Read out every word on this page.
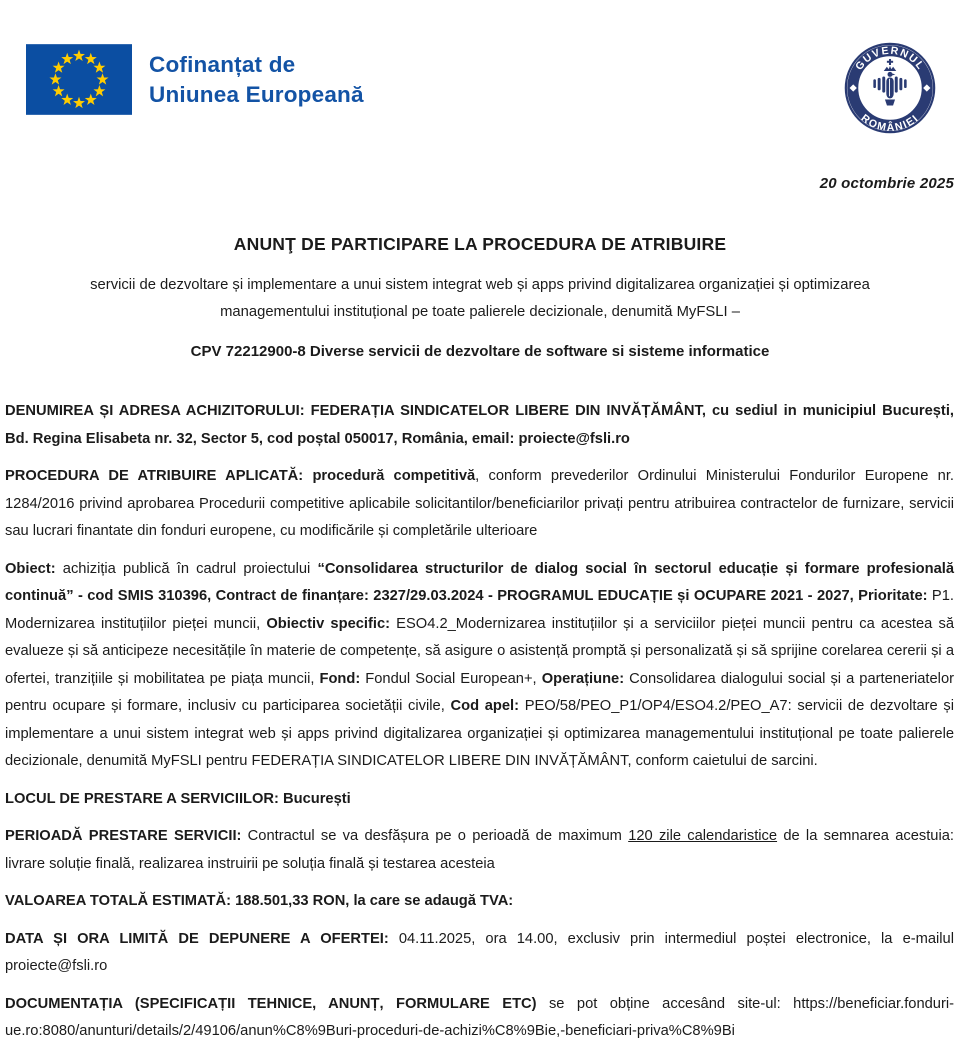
Cofinanțat de
Uniunea Europeană
GUVERNUL
ROMÂNIEI
20 octombrie 2025
ANUNŢ DE PARTICIPARE LA PROCEDURA DE ATRIBUIRE

servicii de dezvoltare și implementare a unui sistem integrat web și apps privind digitalizarea organizației și optimizarea managementului instituțional pe toate palierele decizionale, denumită MyFSLI –

CPV 72212900-8 Diverse servicii de dezvoltare de software si sisteme informatice

DENUMIREA ȘI ADRESA ACHIZITORULUI: FEDERAȚIA SINDICATELOR LIBERE DIN INVĂȚĂMÂNT, cu sediul in municipiul București, Bd. Regina Elisabeta nr. 32, Sector 5, cod poștal 050017, România, email: proiecte@fsli.ro

PROCEDURA DE ATRIBUIRE APLICATĂ: procedură competitivă, conform prevederilor Ordinului Ministerului Fondurilor Europene nr. 1284/2016 privind aprobarea Procedurii competitive aplicabile solicitantilor/beneficiarilor privați pentru atribuirea contractelor de furnizare, servicii sau lucrari finantate din fonduri europene, cu modificările și completările ulterioare

Obiect: achiziția publică în cadrul proiectului “Consolidarea structurilor de dialog social în sectorul educație și formare profesională continuă” - cod SMIS 310396, Contract de finanțare: 2327/29.03.2024 - PROGRAMUL EDUCAȚIE și OCUPARE 2021 - 2027, Prioritate: P1. Modernizarea instituțiilor pieței muncii, Obiectiv specific: ESO4.2_Modernizarea instituțiilor și a serviciilor pieței muncii pentru ca acestea să evalueze și să anticipeze necesitățile în materie de competențe, să asigure o asistență promptă și personalizată și să sprijine corelarea cererii și a ofertei, tranzițiile și mobilitatea pe piața muncii, Fond: Fondul Social European+, Operațiune: Consolidarea dialogului social și a parteneriatelor pentru ocupare și formare, inclusiv cu participarea societății civile, Cod apel: PEO/58/PEO_P1/OP4/ESO4.2/PEO_A7: servicii de dezvoltare și implementare a unui sistem integrat web și apps privind digitalizarea organizației și optimizarea managementului instituțional pe toate palierele decizionale, denumită MyFSLI pentru FEDERAȚIA SINDICATELOR LIBERE DIN INVĂȚĂMÂNT, conform caietului de sarcini.

LOCUL DE PRESTARE A SERVICIILOR: București

PERIOADĂ PRESTARE SERVICII: Contractul se va desfășura pe o perioadă de maximum 120 zile calendaristice de la semnarea acestuia: livrare soluție finală, realizarea instruirii pe soluția finală și testarea acesteia

VALOAREA TOTALĂ ESTIMATĂ: 188.501,33 RON, la care se adaugă TVA:

DATA ȘI ORA LIMITĂ DE DEPUNERE A OFERTEI: 04.11.2025, ora 14.00, exclusiv prin intermediul poștei electronice, la e-mailul proiecte@fsli.ro

DOCUMENTAȚIA (SPECIFICAȚII TEHNICE, ANUNȚ, FORMULARE ETC) se pot obține accesând site-ul: https://beneficiar.fonduri-ue.ro:8080/anunturi/details/2/49106/anun%C8%9Buri-proceduri-de-achizi%C8%9Bie,-beneficiari-priva%C8%9Bi
